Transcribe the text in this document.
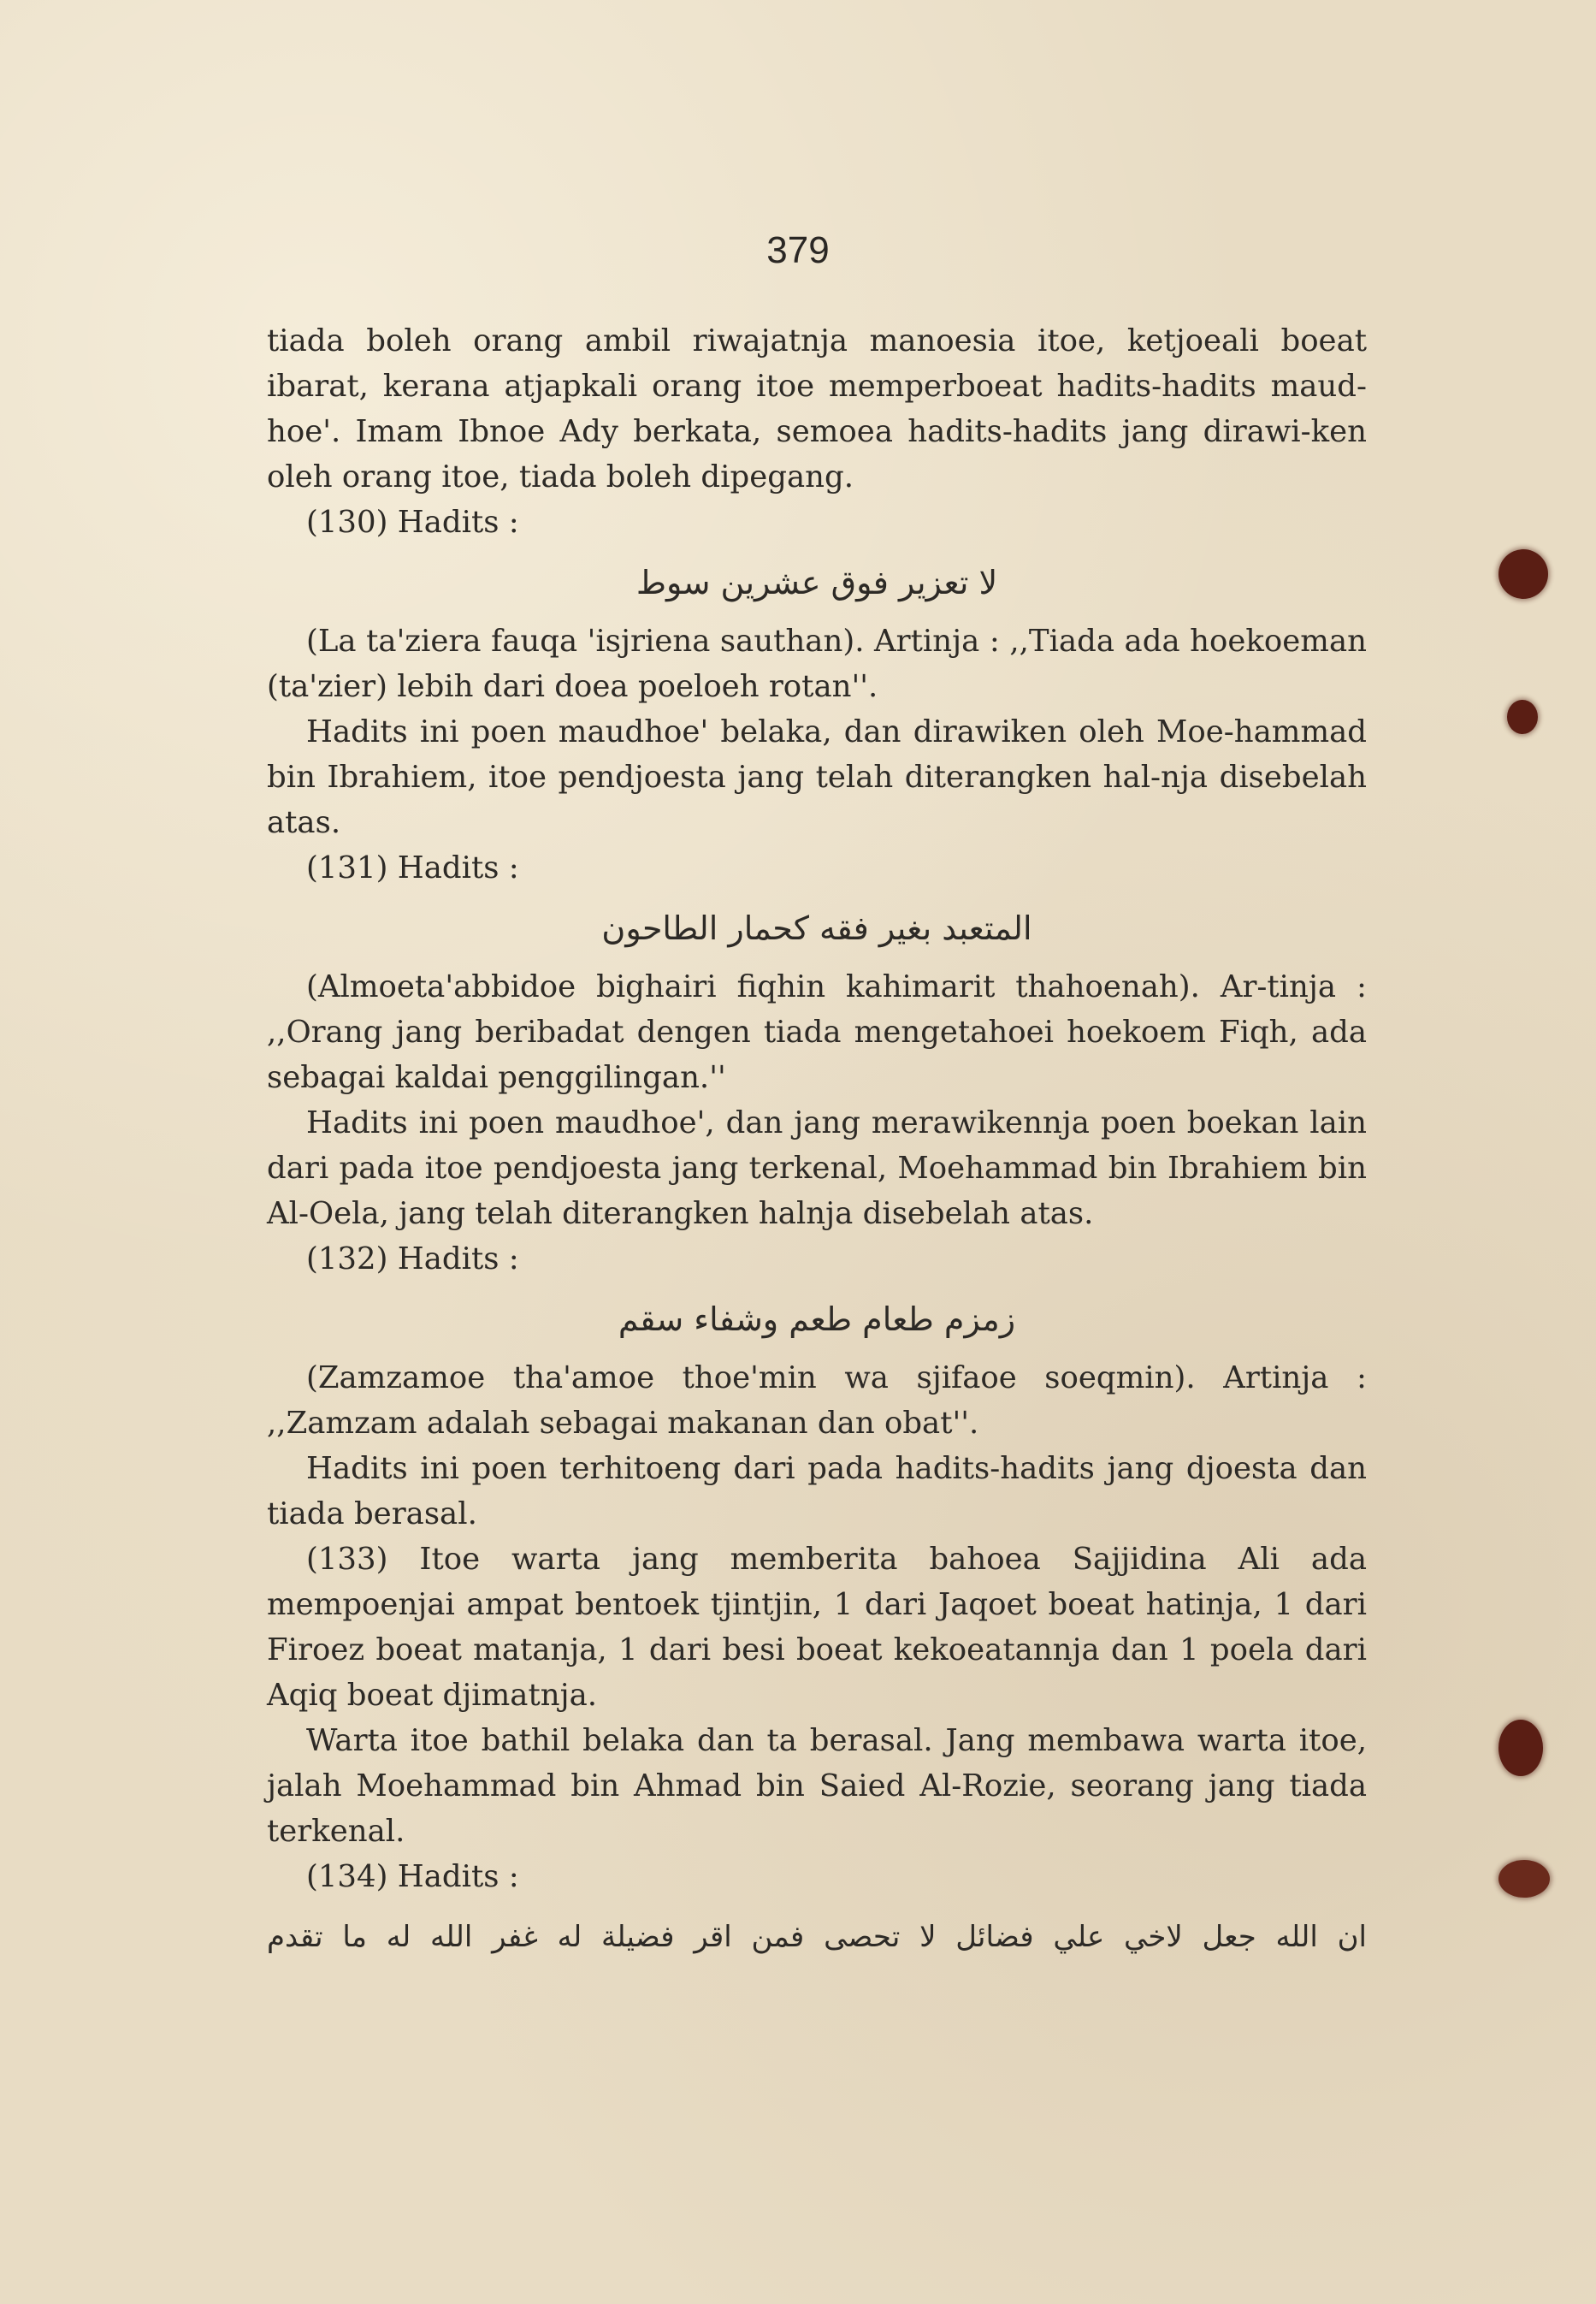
379

tiada boleh orang ambil riwajatnja manoesia itoe, ketjoeali boeat ibarat, kerana atjapkali orang itoe memperboeat hadits-hadits maud-hoe'. Imam Ibnoe Ady berkata, semoea hadits-hadits jang dirawi-ken oleh orang itoe, tiada boleh dipegang.

(130) Hadits :

لا تعزير فوق عشرين سوط

(La ta'ziera fauqa 'isjriena sauthan). Artinja : ,,Tiada ada hoekoeman (ta'zier) lebih dari doea poeloeh rotan''.

Hadits ini poen maudhoe' belaka, dan dirawiken oleh Moe-hammad bin Ibrahiem, itoe pendjoesta jang telah diterangken hal-nja disebelah atas.

(131) Hadits :

المتعبد بغير فقه كحمار الطاحون

(Almoeta'abbidoe bighairi fiqhin kahimarit thahoenah). Ar-tinja : ,,Orang jang beribadat dengen tiada mengetahoei hoekoem Fiqh, ada sebagai kaldai penggilingan.''

Hadits ini poen maudhoe', dan jang merawikennja poen boekan lain dari pada itoe pendjoesta jang terkenal, Moehammad bin Ibrahiem bin Al-Oela, jang telah diterangken halnja disebelah atas.

(132) Hadits :

زمزم طعام طعم وشفاء سقم

(Zamzamoe tha'amoe thoe'min wa sjifaoe soeqmin). Artinja : ,,Zamzam adalah sebagai makanan dan obat''.

Hadits ini poen terhitoeng dari pada hadits-hadits jang djoesta dan tiada berasal.

(133) Itoe warta jang memberita bahoea Sajjidina Ali ada mempoenjai ampat bentoek tjintjin, 1 dari Jaqoet boeat hatinja, 1 dari Firoez boeat matanja, 1 dari besi boeat kekoeatannja dan 1 poela dari Aqiq boeat djimatnja.

Warta itoe bathil belaka dan ta berasal. Jang membawa warta itoe, jalah Moehammad bin Ahmad bin Saied Al-Rozie, seorang jang tiada terkenal.

(134) Hadits :

ان الله جعل لاخي علي فضائل لا تحصى فمن اقر فضيلة له غفر الله له ما تقدم
